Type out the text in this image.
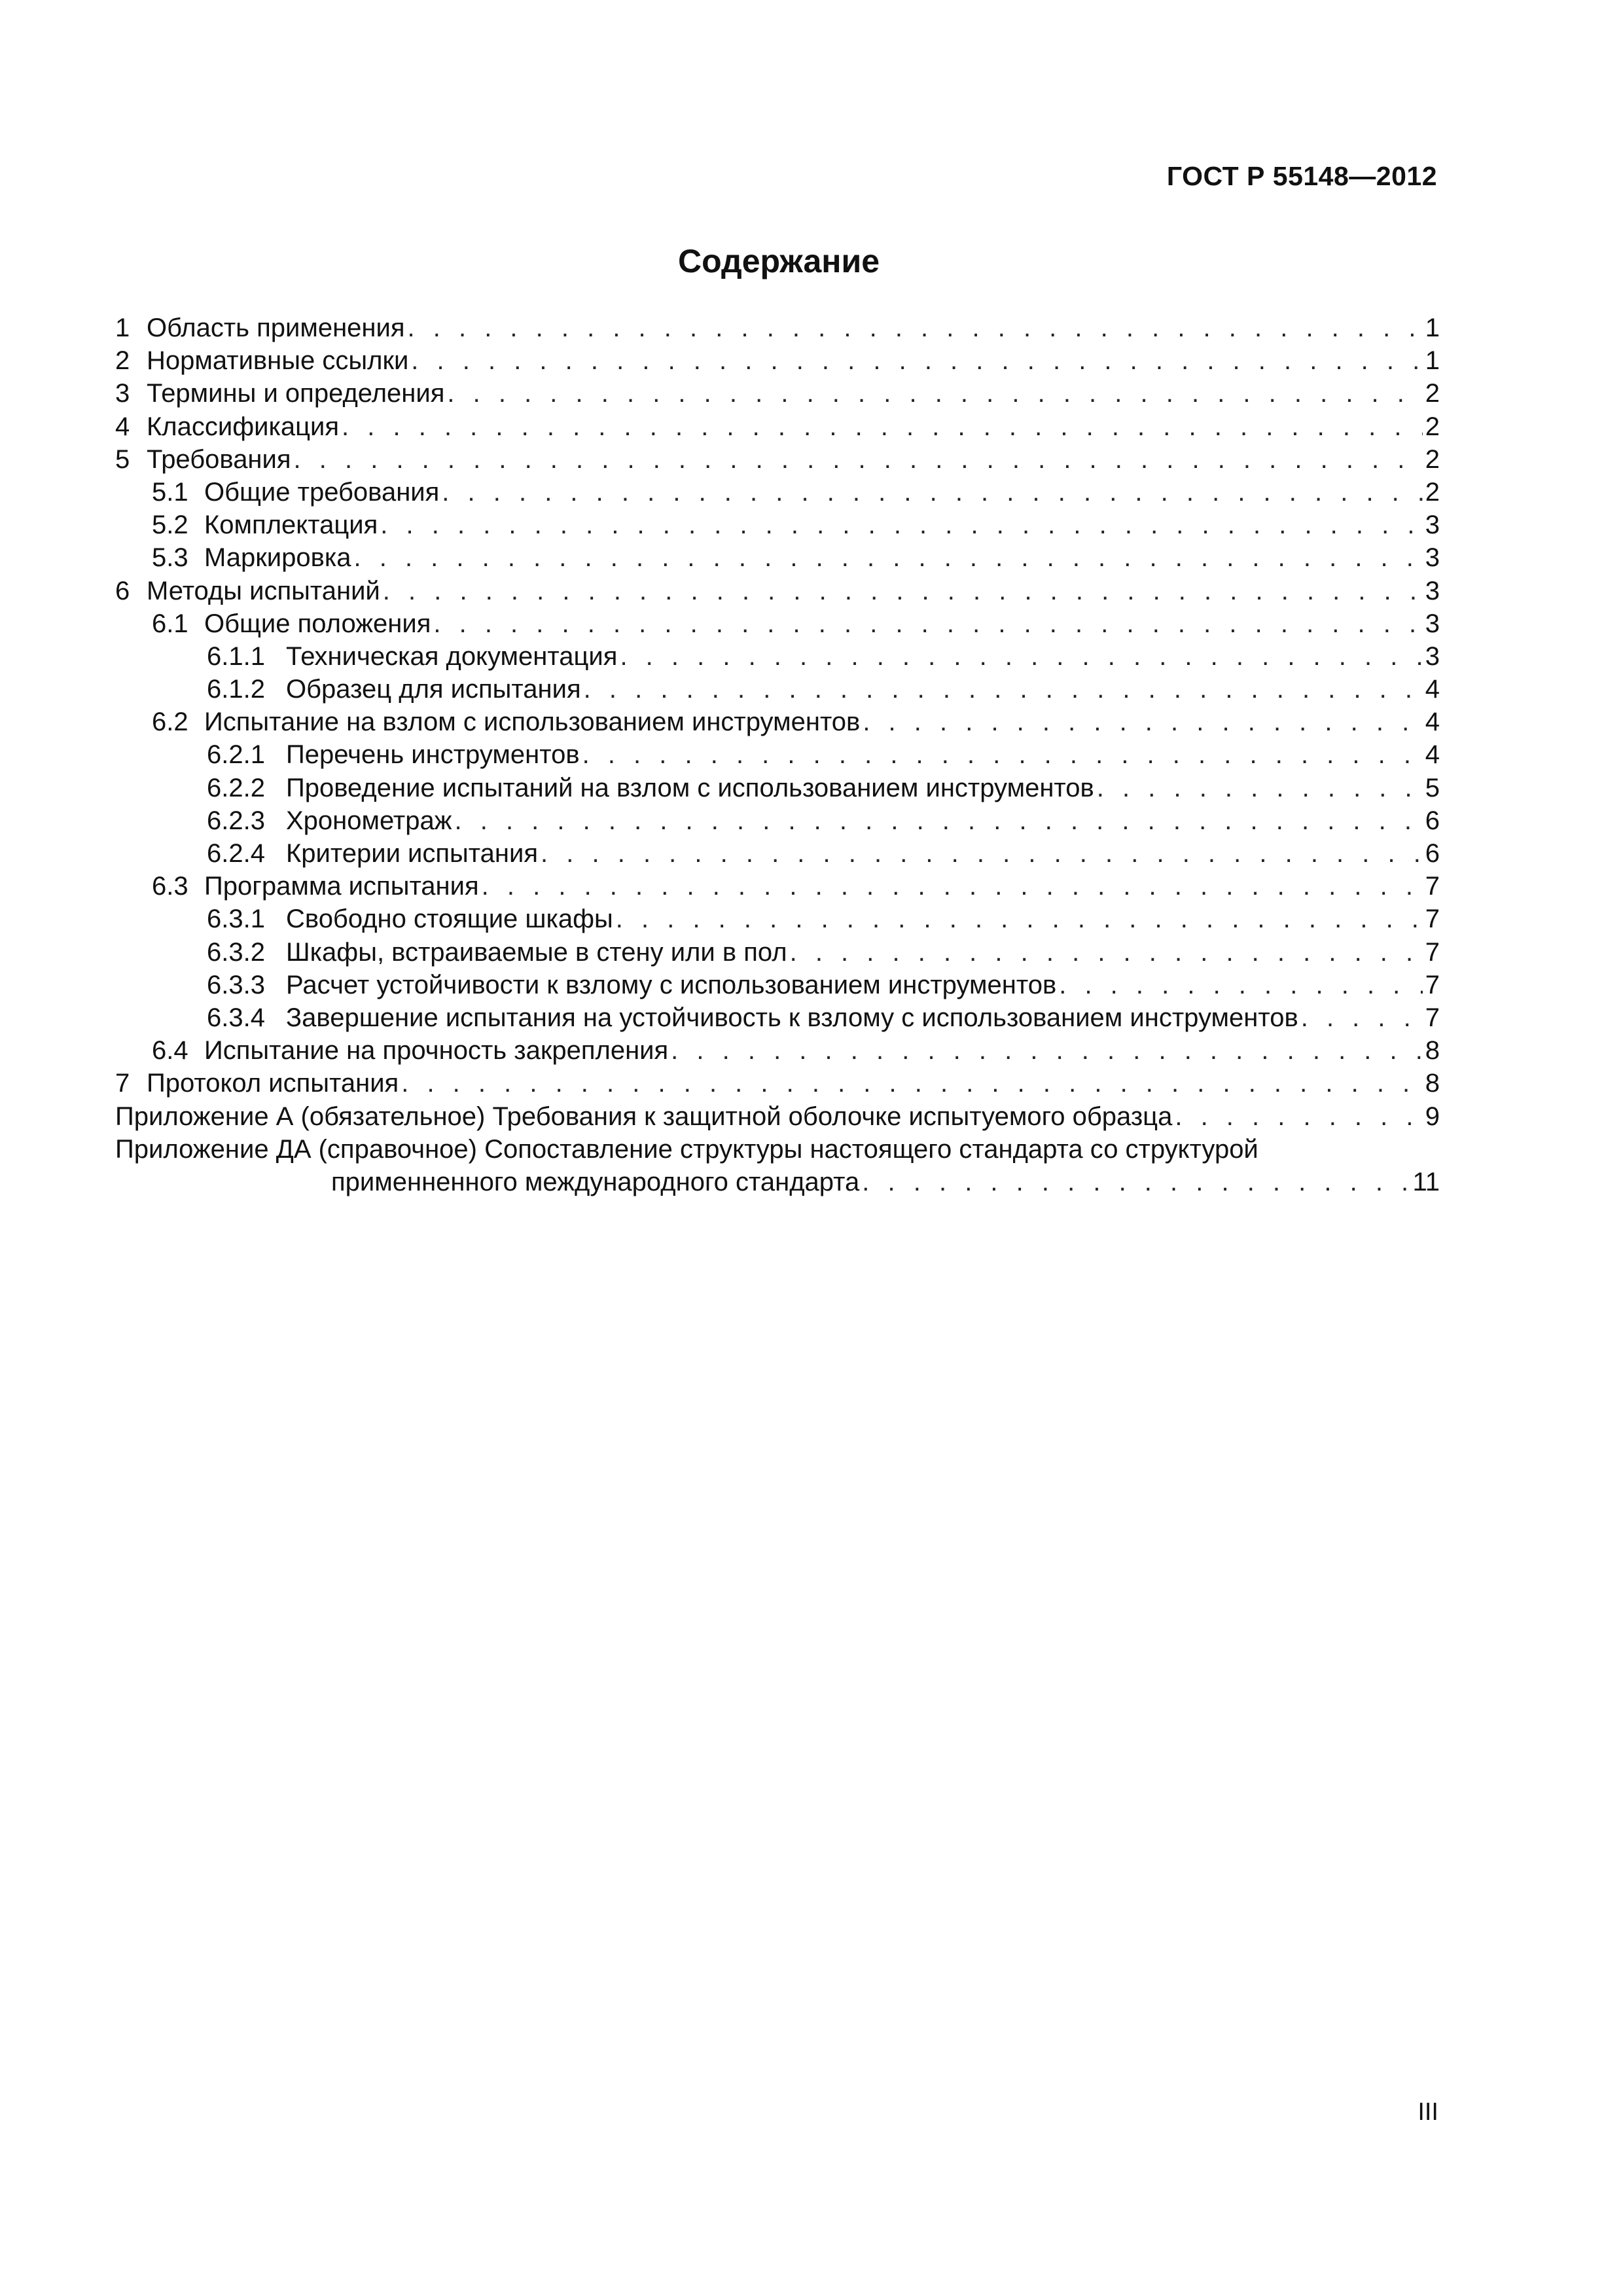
ГОСТ Р 55148—2012
Содержание
1 Область применения . . .	1
2 Нормативные ссылки . . .	1
3 Термины и определения . . .	2
4 Классификация . . .	2
5 Требования . . .	2
5.1 Общие требования . . .	2
5.2 Комплектация . . .	3
5.3 Маркировка . . .	3
6 Методы испытаний . . .	3
6.1 Общие положения . . .	3
6.1.1 Техническая документация . . .	3
6.1.2 Образец для испытания . . .	4
6.2 Испытание на взлом с использованием инструментов . . .	4
6.2.1 Перечень инструментов . . .	4
6.2.2 Проведение испытаний на взлом с использованием инструментов . . .	5
6.2.3 Хронометраж . . .	6
6.2.4 Критерии испытания . . .	6
6.3 Программа испытания . . .	7
6.3.1 Свободно стоящие шкафы . . .	7
6.3.2 Шкафы, встраиваемые в стену или в пол . . .	7
6.3.3 Расчет устойчивости к взлому с использованием инструментов . . .	7
6.3.4 Завершение испытания на устойчивость к взлому с использованием инструментов . . .	7
6.4 Испытание на прочность закрепления . . .	8
7 Протокол испытания . . .	8
Приложение А (обязательное) Требования к защитной оболочке испытуемого образца . . .	9
Приложение ДА (справочное) Сопоставление структуры настоящего стандарта со структурой
применненного международного стандарта . . .	11
III
